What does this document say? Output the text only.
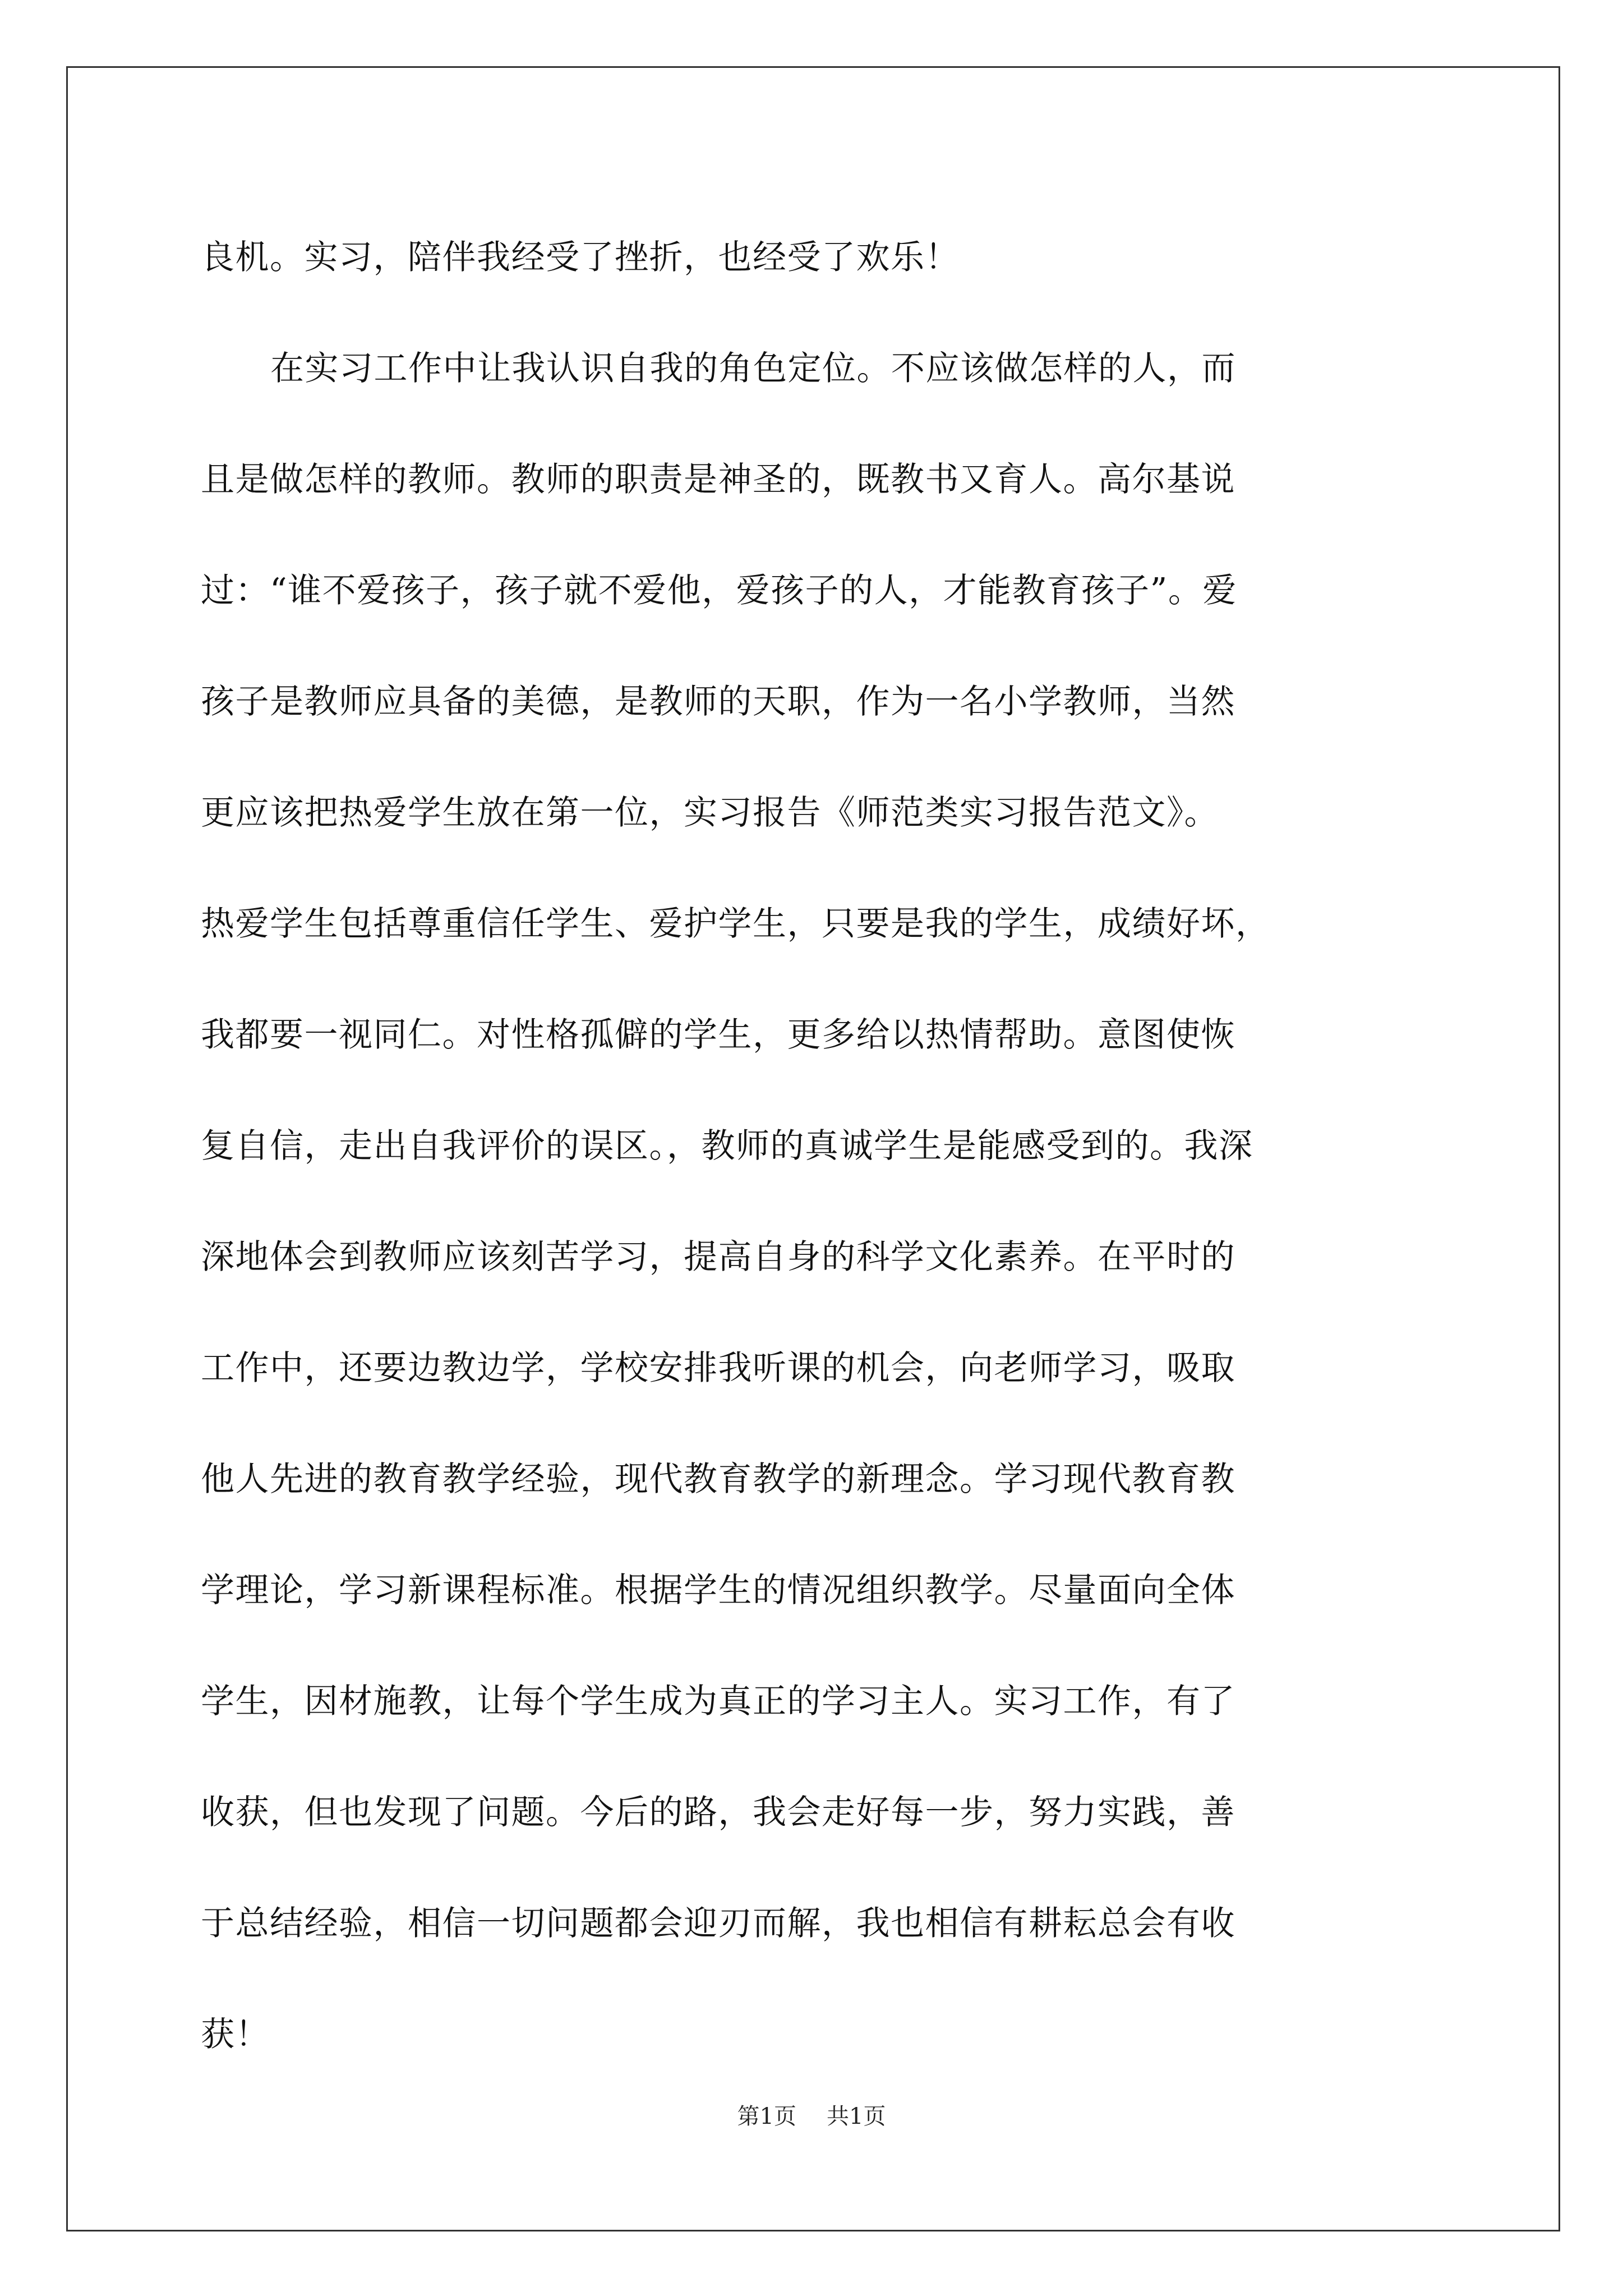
良机。实习，陪伴我经受了挫折，也经受了欢乐！
在实习工作中让我认识自我的角色定位。不应该做怎样的人，而
且是做怎样的教师。教师的职责是神圣的，既教书又育人。高尔基说
过：“谁不爱孩子，孩子就不爱他，爱孩子的人，才能教育孩子”。爱
孩子是教师应具备的美德，是教师的天职，作为一名小学教师，当然
更应该把热爱学生放在第一位，实习报告《师范类实习报告范文》。
热爱学生包括尊重信任学生、爱护学生，只要是我的学生，成绩好坏，
我都要一视同仁。对性格孤僻的学生，更多给以热情帮助。意图使恢
复自信，走出自我评价的误区。，教师的真诚学生是能感受到的。我深
深地体会到教师应该刻苦学习，提高自身的科学文化素养。在平时的
工作中，还要边教边学，学校安排我听课的机会，向老师学习，吸取
他人先进的教育教学经验，现代教育教学的新理念。学习现代教育教
学理论，学习新课程标准。根据学生的情况组织教学。尽量面向全体
学生，因材施教，让每个学生成为真正的学习主人。实习工作，有了
收获，但也发现了问题。今后的路，我会走好每一步，努力实践，善
于总结经验，相信一切问题都会迎刃而解，我也相信有耕耘总会有收
获！
第1页 共1页
